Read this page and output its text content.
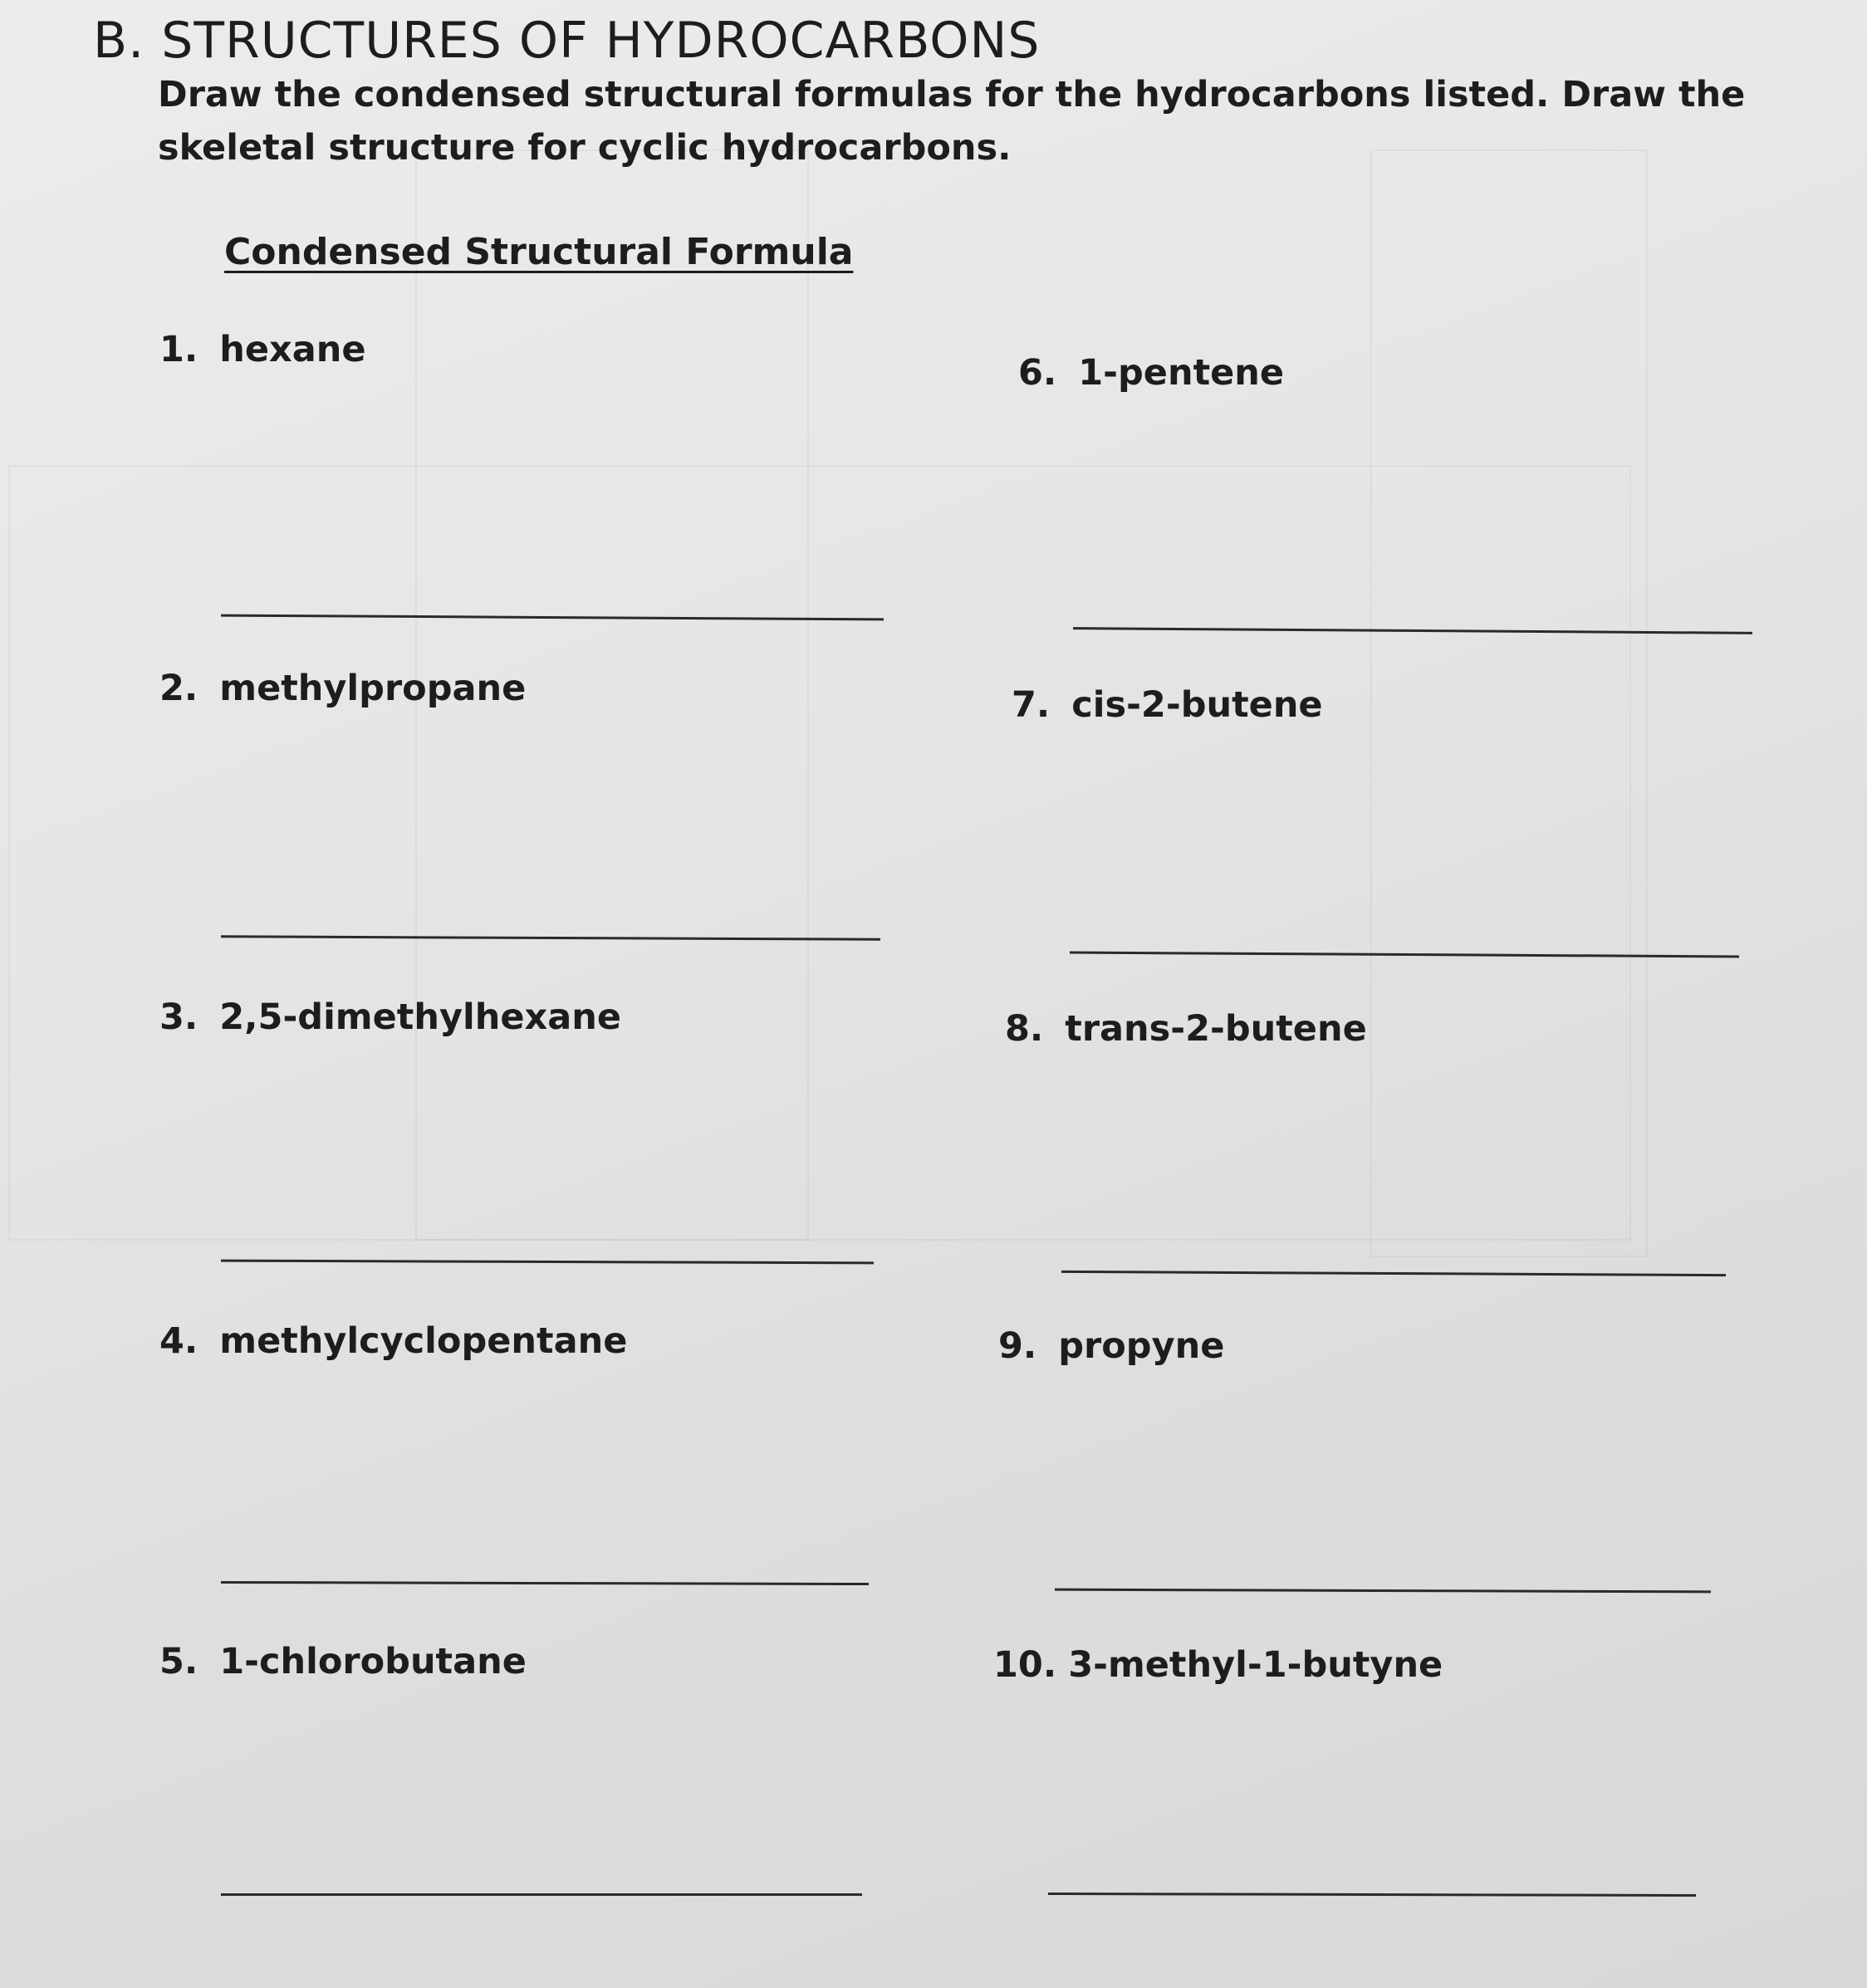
B. STRUCTURES OF HYDROCARBONS

Draw the condensed structural formulas for the hydrocarbons listed. Draw the skeletal structure for cyclic hydrocarbons.

Condensed Structural Formula

1. hexane
2. methylpropane
3. 2,5-dimethylhexane
4. methylcyclopentane
5. 1-chlorobutane
6. 1-pentene
7. cis-2-butene
8. trans-2-butene
9. propyne
10. 3-methyl-1-butyne
